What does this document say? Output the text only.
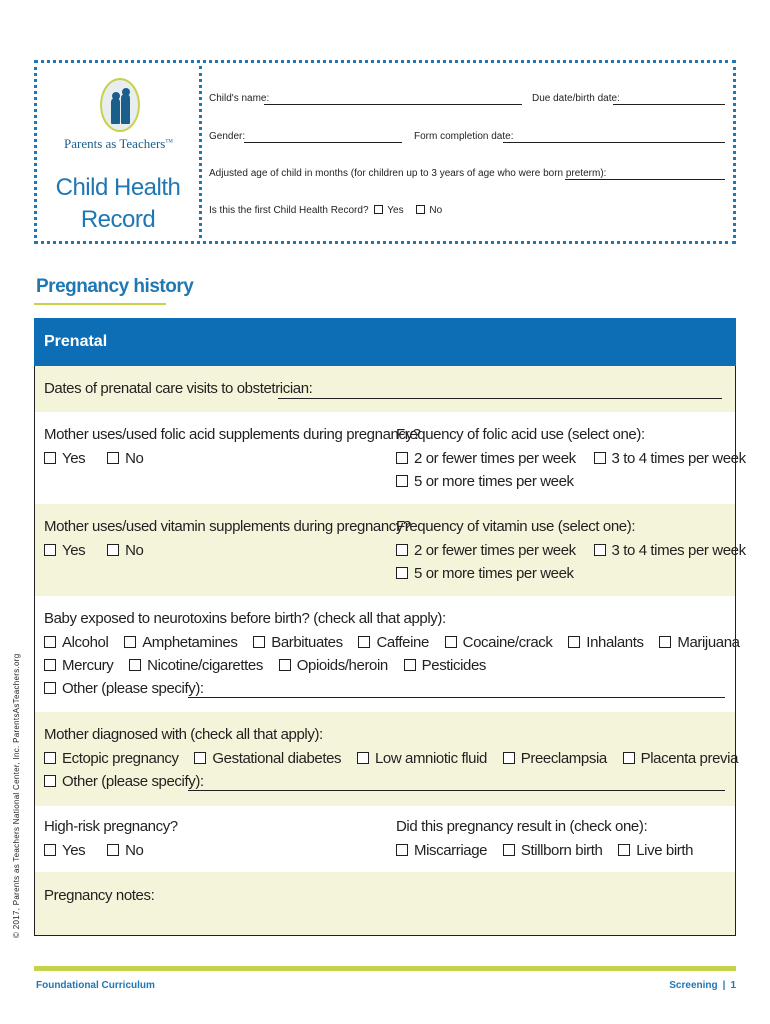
Parents as Teachers™
Child Health
Record
Child's name:	Due date/birth date:
Gender:	Form completion date:
Adjusted age of child in months (for children up to 3 years of age who were born preterm):
Is this the first Child Health Record? Yes	No
Pregnancy history
Prenatal
Dates of prenatal care visits to obstetrician:
Mother uses/used folic acid supplements during pregnancy?
Yes	No
Frequency of folic acid use (select one):
2 or fewer times per week 3 to 4 times per week
5 or more times per week
Mother uses/used vitamin supplements during pregnancy?
Yes	No
Frequency of vitamin use (select one):
2 or fewer times per week 3 to 4 times per week
5 or more times per week
Baby exposed to neurotoxins before birth? (check all that apply):
Alcohol Amphetamines Barbituates Caffeine Cocaine/crack Inhalants Marijuana
Mercury Nicotine/cigarettes Opioids/heroin Pesticides
Other (please specify):
Mother diagnosed with (check all that apply):
Ectopic pregnancy Gestational diabetes Low amniotic fluid Preeclampsia Placenta previa
Other (please specify):
High-risk pregnancy?
Yes	No
Did this pregnancy result in (check one):
Miscarriage Stillborn birth Live birth
Pregnancy notes:
© 2017, Parents as Teachers National Center, Inc. ParentsAsTeachers.org
Foundational Curriculum	Screening | 1
